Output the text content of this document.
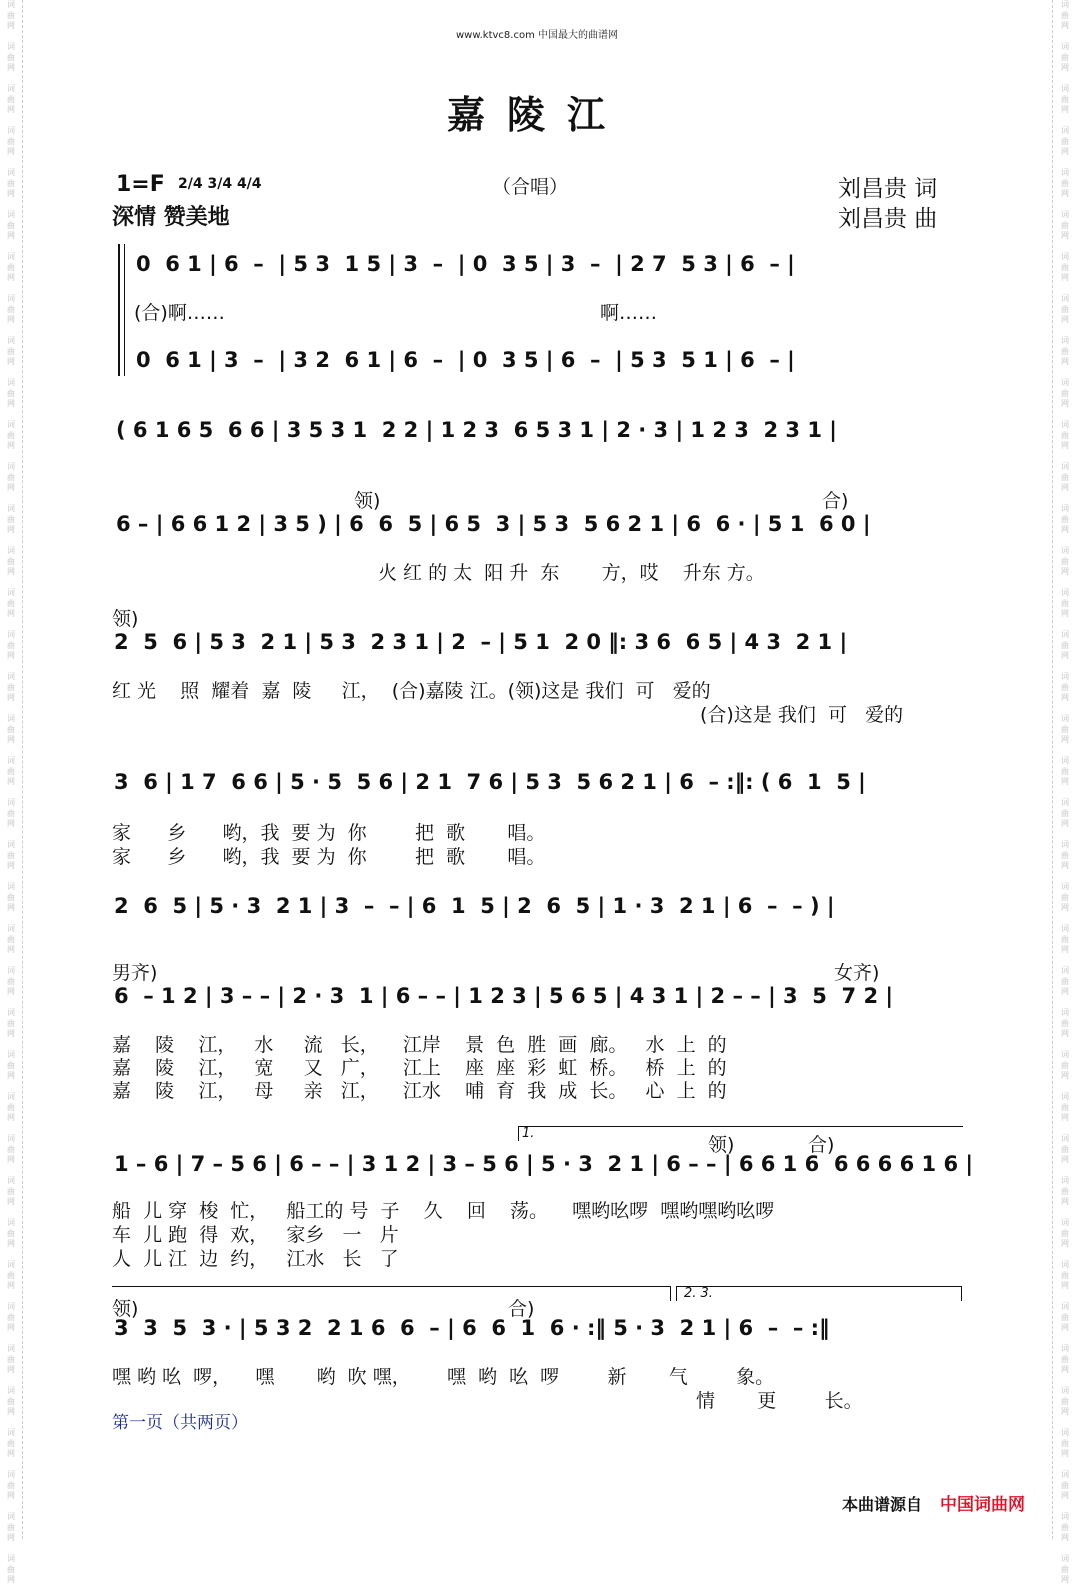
词
曲
网

词
曲
网

词
曲
网

词
曲
网

词
曲
网

词
曲
网

词
曲
网

词
曲
网

词
曲
网

词
曲
网

词
曲
网

词
曲
网

词
曲
网

词
曲
网

词
曲
网

词
曲
网

词
曲
网

词
曲
网

词
曲
网

词
曲
网

词
曲
网

词
曲
网

词
曲
网

词
曲
网

词
曲
网

词
曲
网

词
曲
网

词
曲
网

词
曲
网

词
曲
网

词
曲
网

词
曲
网

词
曲
网

词
曲
网

词
曲
网

词
曲
网

词
曲
网

词
曲
网

词
曲
网

词
曲
网

词
曲
网

词
曲
网

词
曲
网

词
曲
网

词
曲
网

词
曲
网

词
曲
网

词
曲
网

词
曲
网

词
曲
网

词
曲
网

词
曲
网

词
曲
网

词
曲
网

词
曲
网

词
曲
网

词
曲
网

词
曲
网

词
曲
网

词
曲
网

词
曲
网

词
曲
网

词
曲
网

词
曲
网

词
曲
网

词
曲
网

词
曲
网

词
曲
网

词
曲
网

词
曲
网

词
曲
网

词
曲
网

词
曲
网

词
曲
网

词
曲
网

词
曲
网

www.ktvc8.com 中国最大的曲谱网
嘉陵江
1=F 2/4 3/4 4/4
深情 赞美地
（合唱）	刘昌贵 词
刘昌贵 曲
0  6 1 | 6  –  | 5 3  1 5 | 3  –  | 0  3 5 | 3  –  | 2 7  5 3 | 6  – |
(合)啊……	啊……
0  6 1 | 3  –  | 3 2  6 1 | 6  –  | 0  3 5 | 6  –  | 5 3  5 1 | 6  – |
( 6 1 6 5  6 6 | 3 5 3 1  2 2 | 1 2 3  6 5 3 1 | 2 · 3 | 1 2 3  2 3 1 |
领)	合)
6 – | 6 6 1 2 | 3 5 ) | 6  6  5 | 6 5  3 | 5 3  5 6 2 1 | 6  6 · | 5 1  6 0 |
火 红 的 太  阳 升  东       方，哎    升东 方。
领)
2  5  6 | 5 3  2 1 | 5 3  2 3 1 | 2  – | 5 1  2 0 ‖: 3 6  6 5 | 4 3  2 1 |
红 光    照  耀着  嘉  陵     江，  (合)嘉陵 江。(领)这是 我们  可   爱的
(合)这是 我们  可   爱的
3  6 | 1 7  6 6 | 5 · 5  5 6 | 2 1  7 6 | 5 3  5 6 2 1 | 6  – :‖: ( 6  1  5 |
家      乡      哟，我  要 为  你        把  歌       唱。
家      乡      哟，我  要 为  你        把  歌       唱。
2  6  5 | 5 · 3  2 1 | 3  –  – | 6  1  5 | 2  6  5 | 1 · 3  2 1 | 6  –  – ) |
男齐)	女齐)
6  – 1 2 | 3 – – | 2 · 3  1 | 6 – – | 1 2 3 | 5 6 5 | 4 3 1 | 2 – – | 3  5  7 2 |
嘉    陵    江，   水     流   长，    江岸    景  色  胜  画  廊。   水  上  的
嘉    陵    江，   宽     又   广，    江上    座  座  彩  虹  桥。   桥  上  的
嘉    陵    江，   母     亲   江，    江水    哺  育  我  成  长。   心  上  的
1.
领)	合)
1 – 6 | 7 – 5 6 | 6 – – | 3 1 2 | 3 – 5 6 | 5 · 3  2 1 | 6 – – | 6 6 1 6  6 6 6 6 1 6 |
船  儿 穿  梭  忙，   船工的 号  子    久    回    荡。    嘿哟吆啰  嘿哟嘿哟吆啰
车  儿 跑  得  欢，   家乡   一   片
人  儿 江  边  约，   江水   长   了
2. 3.
领)	合)
3  3  5  3 · | 5 3 2  2 1 6  6  – | 6  6  1  6 · :‖ 5 · 3  2 1 | 6  –  – :‖
嘿 哟 吆  啰，    嘿       哟  吹 嘿，      嘿  哟  吆  啰        新       气        象。
情       更        长。
第一页（共两页）
本曲谱源自 中国词曲网
